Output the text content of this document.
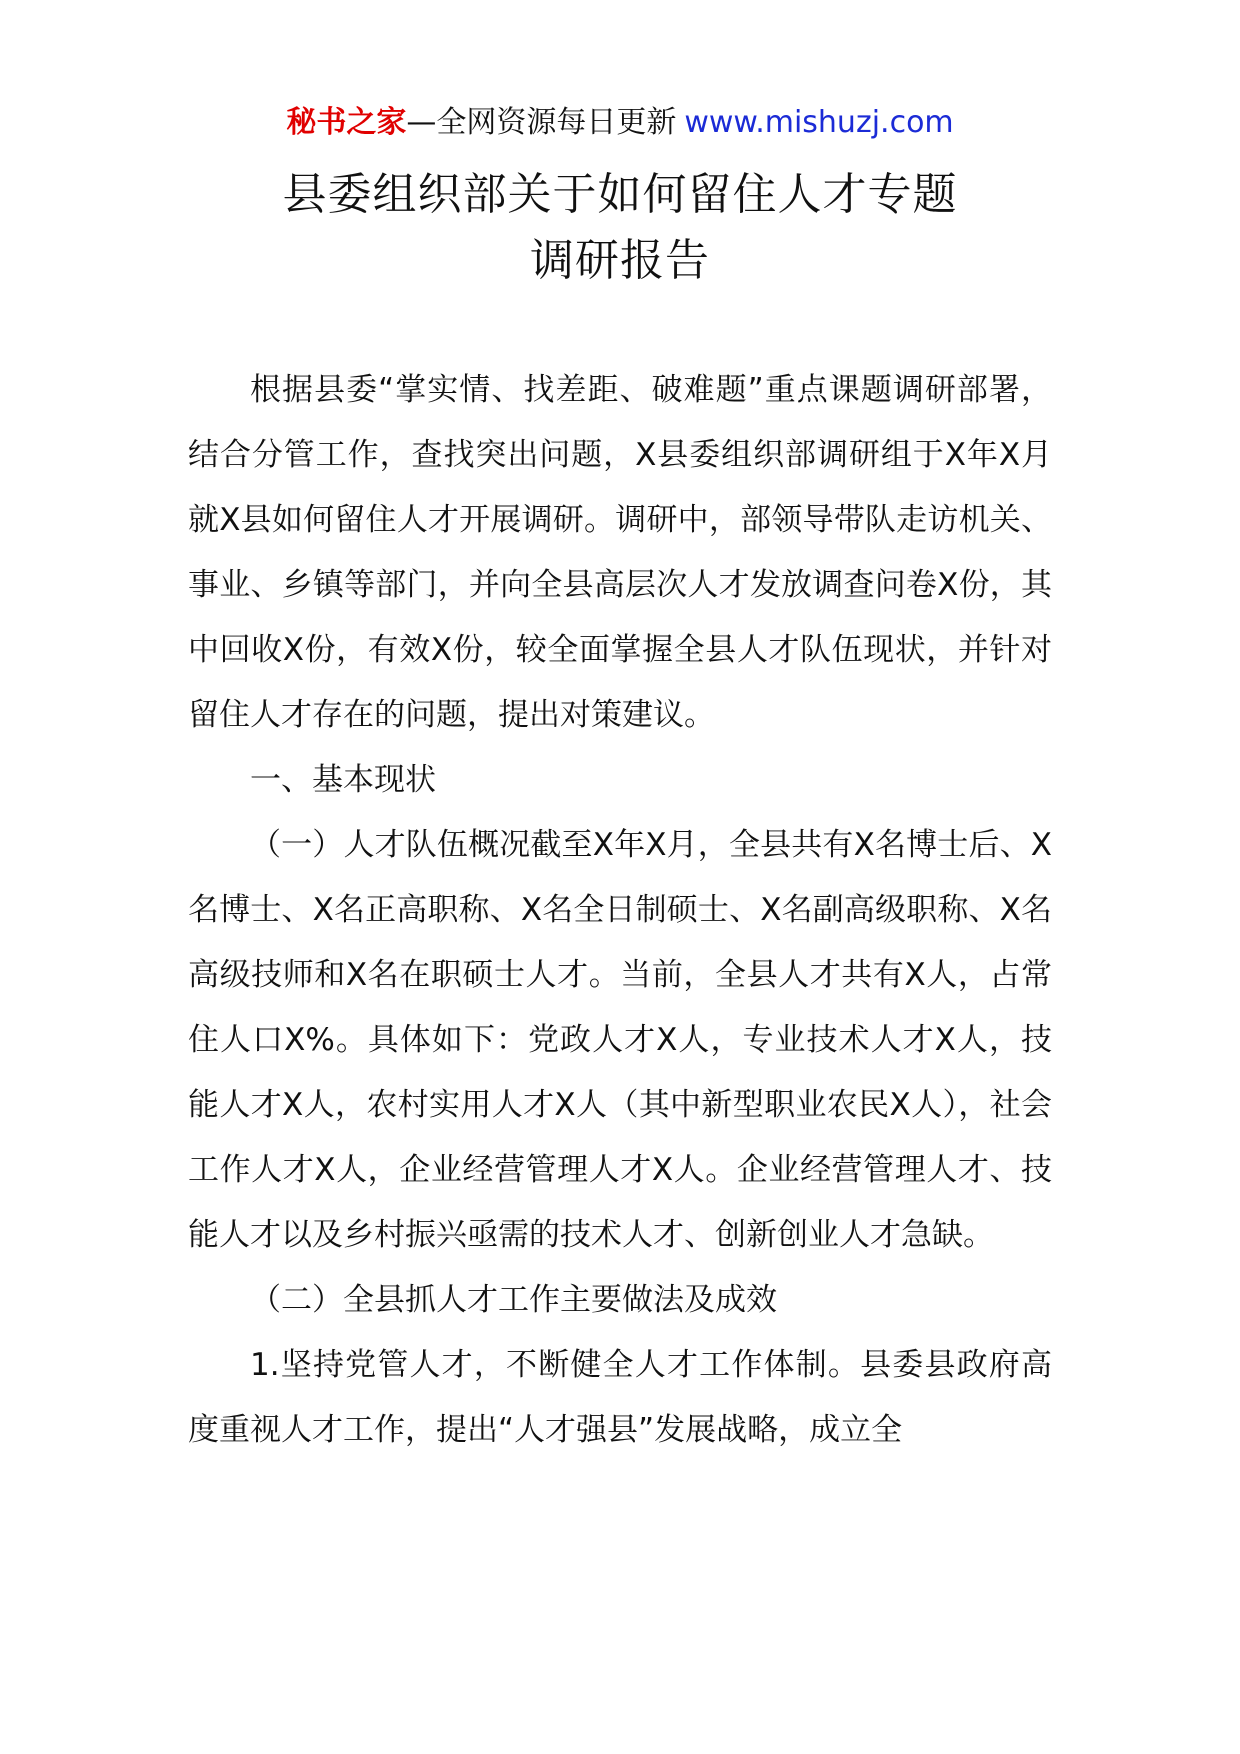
秘书之家—全网资源每日更新 www.mishuzj.com
县委组织部关于如何留住人才专题
调研报告

根据县委“掌实情、找差距、破难题”重点课题调研部署，结合分管工作，查找突出问题，X县委组织部调研组于X年X月就X县如何留住人才开展调研。调研中，部领导带队走访机关、事业、乡镇等部门，并向全县高层次人才发放调查问卷X份，其中回收X份，有效X份，较全面掌握全县人才队伍现状，并针对留住人才存在的问题，提出对策建议。

一、基本现状

（一）人才队伍概况截至X年X月，全县共有X名博士后、X名博士、X名正高职称、X名全日制硕士、X名副高级职称、X名高级技师和X名在职硕士人才。当前，全县人才共有X人，占常住人口X%。具体如下：党政人才X人，专业技术人才X人，技能人才X人，农村实用人才X人（其中新型职业农民X人），社会工作人才X人，企业经营管理人才X人。企业经营管理人才、技能人才以及乡村振兴亟需的技术人才、创新创业人才急缺。

（二）全县抓人才工作主要做法及成效

1.坚持党管人才，不断健全人才工作体制。县委县政府高度重视人才工作，提出“人才强县”发展战略，成立全
